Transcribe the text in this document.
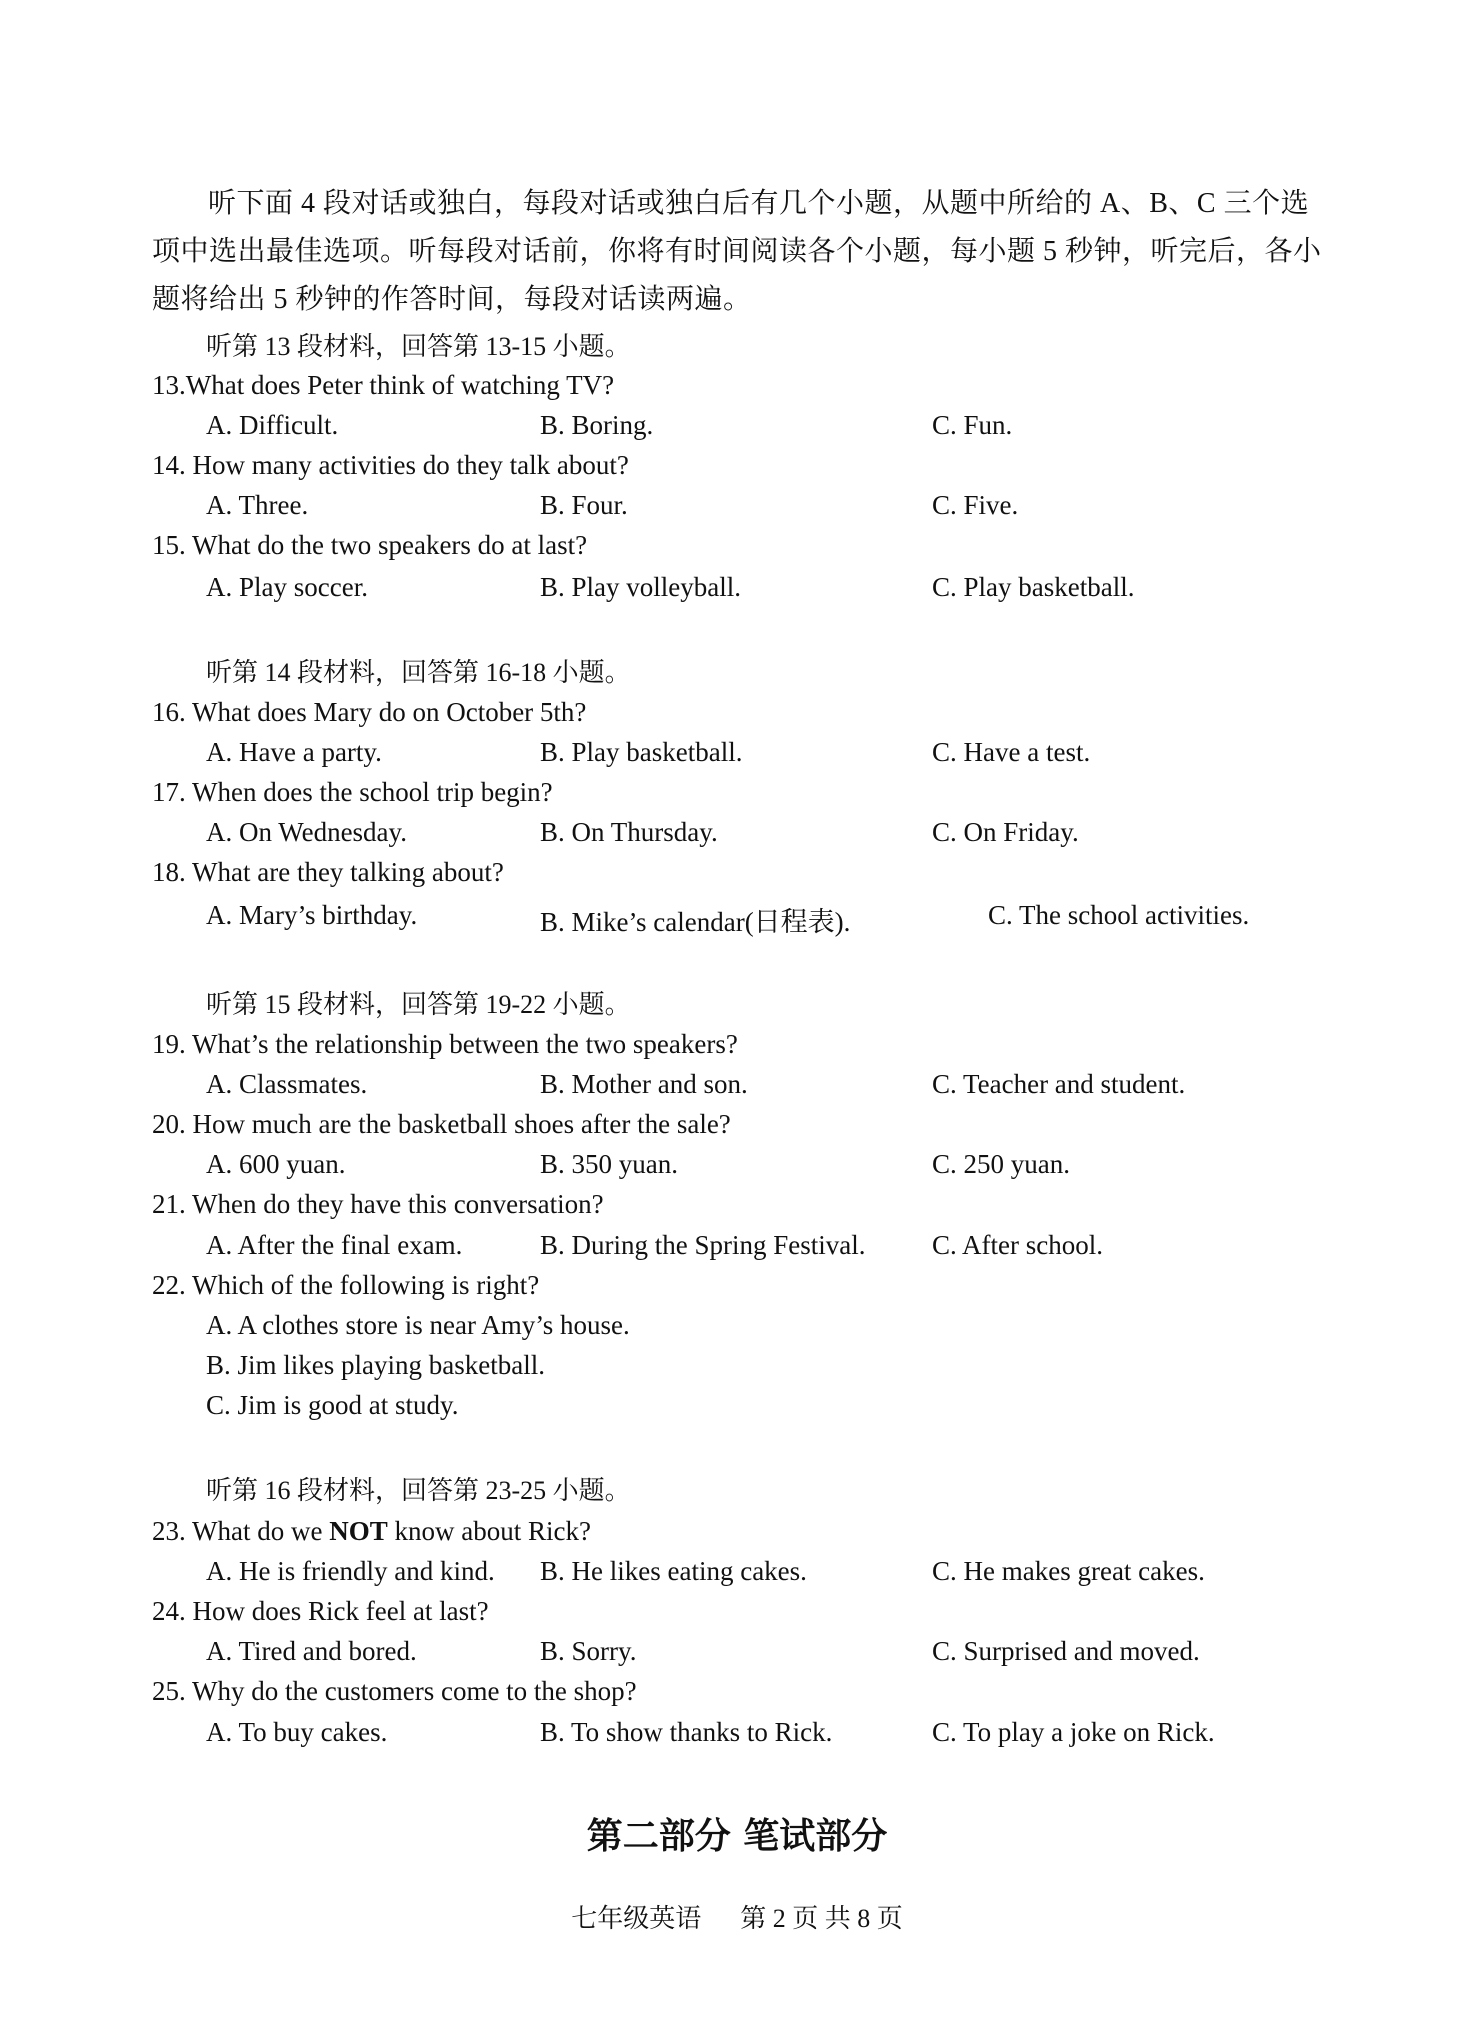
听下面 4 段对话或独白，每段对话或独白后有几个小题，从题中所给的 A、B、C 三个选项中选出最佳选项。听每段对话前，你将有时间阅读各个小题，每小题 5 秒钟，听完后，各小题将给出 5 秒钟的作答时间，每段对话读两遍。

听第 13 段材料，回答第 13-15 小题。
13.What does Peter think of watching TV?
A. Difficult.	B. Boring.	C. Fun.
14. How many activities do they talk about?
A. Three.	B. Four.	C. Five.
15. What do the two speakers do at last?
A. Play soccer.	B. Play volleyball.	C. Play basketball.
听第 14 段材料，回答第 16-18 小题。
16. What does Mary do on October 5th?
A. Have a party.	B. Play basketball.	C. Have a test.
17. When does the school trip begin?
A. On Wednesday.	B. On Thursday.	C. On Friday.
18. What are they talking about?
A. Mary’s birthday.	B. Mike’s calendar(日程表).	C. The school activities.
听第 15 段材料，回答第 19-22 小题。
19. What’s the relationship between the two speakers?
A. Classmates.	B. Mother and son.	C. Teacher and student.
20. How much are the basketball shoes after the sale?
A. 600 yuan.	B. 350 yuan.	C. 250 yuan.
21. When do they have this conversation?
A. After the final exam.	B. During the Spring Festival. C. After school.
22. Which of the following is right?
A. A clothes store is near Amy’s house.
B. Jim likes playing basketball.
C. Jim is good at study.
听第 16 段材料，回答第 23-25 小题。
23. What do we NOT know about Rick?
A. He is friendly and kind. B. He likes eating cakes.	C. He makes great cakes.
24. How does Rick feel at last?
A. Tired and bored.	B. Sorry.	C. Surprised and moved.
25. Why do the customers come to the shop?
A. To buy cakes.	B. To show thanks to Rick.	C. To play a joke on Rick.
第二部分 笔试部分
七年级英语      第 2 页 共 8 页
